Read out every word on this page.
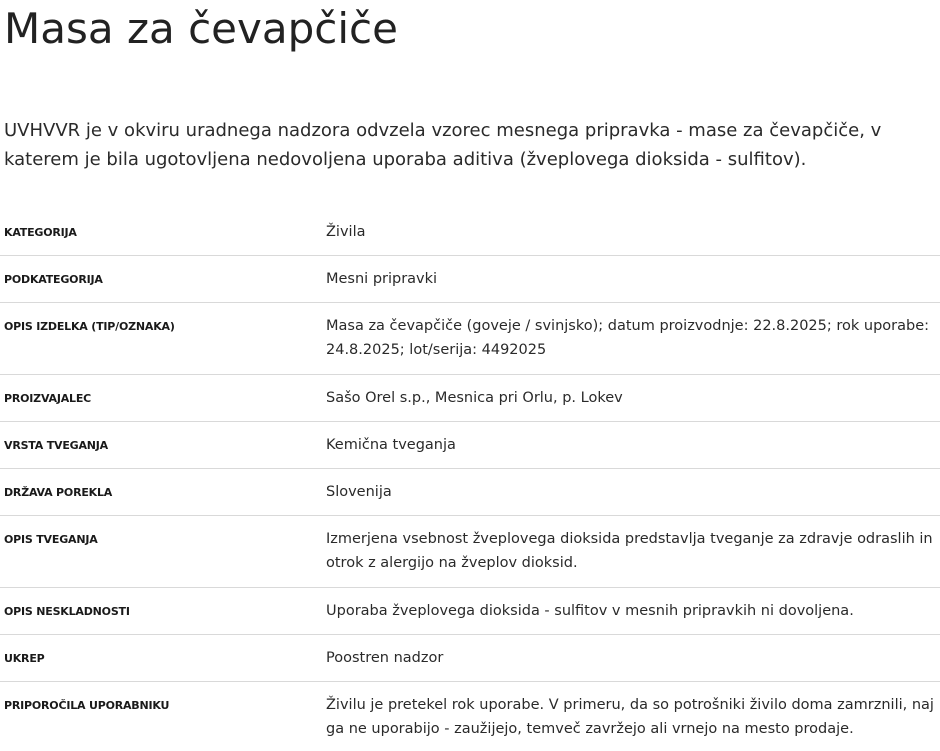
Masa za čevapčiče

UVHVVR je v okviru uradnega nadzora odvzela vzorec mesnega pripravka - mase za čevapčiče, v katerem je bila ugotovljena nedovoljena uporaba aditiva (žveplovega dioksida - sulfitov).

KATEGORIJA	Živila
PODKATEGORIJA	Mesni pripravki
OPIS IZDELKA (TIP/OZNAKA)	Masa za čevapčiče (goveje / svinjsko); datum proizvodnje: 22.8.2025; rok uporabe: 24.8.2025; lot/serija: 4492025
PROIZVAJALEC	Sašo Orel s.p., Mesnica pri Orlu, p. Lokev
VRSTA TVEGANJA	Kemična tveganja
DRŽAVA POREKLA	Slovenija
OPIS TVEGANJA	Izmerjena vsebnost žveplovega dioksida predstavlja tveganje za zdravje odraslih in otrok z alergijo na žveplov dioksid.
OPIS NESKLADNOSTI	Uporaba žveplovega dioksida - sulfitov v mesnih pripravkih ni dovoljena.
UKREP	Poostren nadzor
PRIPOROČILA UPORABNIKU	Živilu je pretekel rok uporabe. V primeru, da so potrošniki živilo doma zamrznili, naj ga ne uporabijo - zaužijejo, temveč zavržejo ali vrnejo na mesto prodaje.
